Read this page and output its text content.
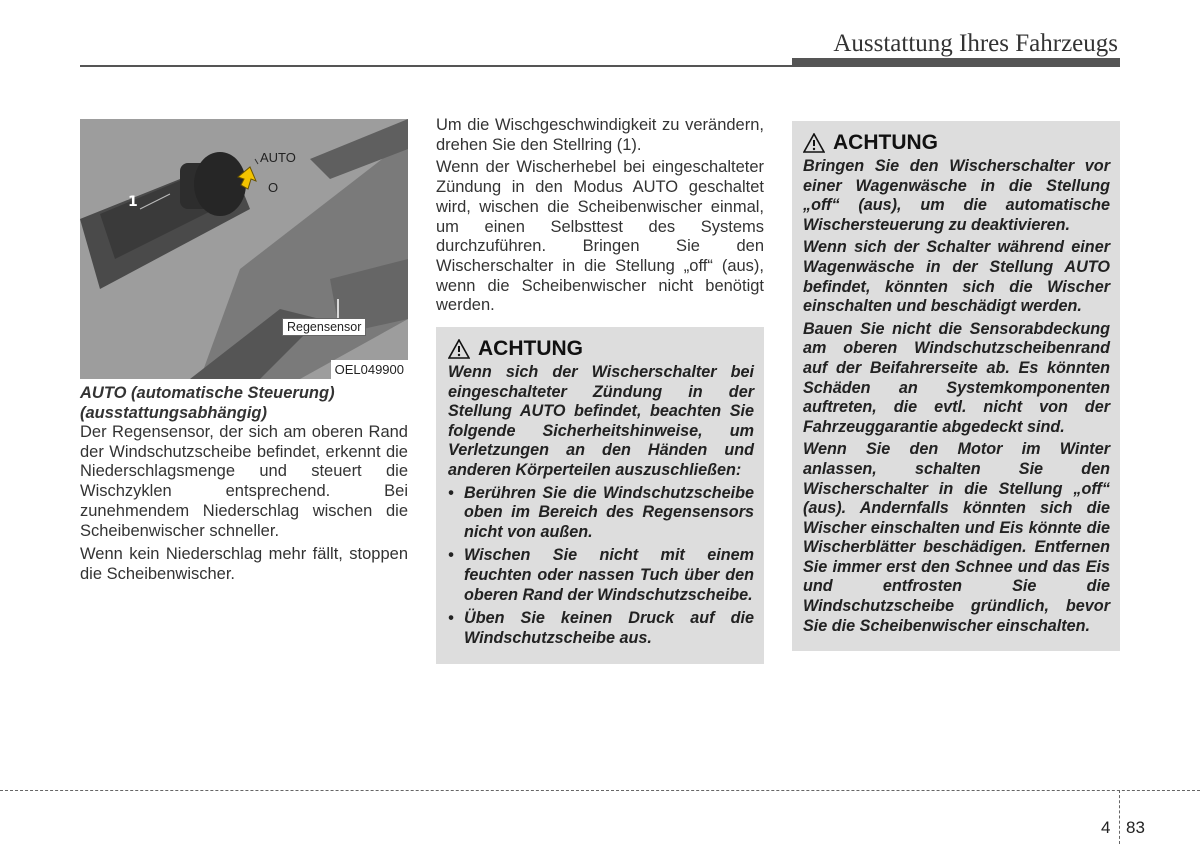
Ausstattung Ihres Fahrzeugs
1
AUTO
O
Regensensor
OEL049900
AUTO (automatische Steuerung)
(ausstattungsabhängig)

Der Regensensor, der sich am oberen Rand der Windschutzscheibe befindet, erkennt die Niederschlagsmenge und steuert die Wischzyklen entsprechend. Bei zunehmendem Niederschlag wischen die Scheibenwischer schneller.

Wenn kein Niederschlag mehr fällt, stoppen die Scheibenwischer.

Um die Wischgeschwindigkeit zu verändern, drehen Sie den Stellring (1).

Wenn der Wischerhebel bei eingeschalteter Zündung in den Modus AUTO geschaltet wird, wischen die Scheibenwischer einmal, um einen Selbsttest des Systems durchzuführen. Bringen Sie den Wischerschalter in die Stellung „off“ (aus), wenn die Scheibenwischer nicht benötigt werden.

ACHTUNG

Wenn sich der Wischerschalter bei eingeschalteter Zündung in der Stellung AUTO befindet, beachten Sie folgende Sicherheitshinweise, um Verletzungen an den Händen und anderen Körperteilen auszuschließen:

• Berühren Sie die Windschutzscheibe oben im Bereich des Regensensors nicht von außen.
• Wischen Sie nicht mit einem feuchten oder nassen Tuch über den oberen Rand der Windschutzscheibe.
• Üben Sie keinen Druck auf die Windschutzscheibe aus.
ACHTUNG

Bringen Sie den Wischerschalter vor einer Wagenwäsche in die Stellung „off“ (aus), um die automatische Wischersteuerung zu deaktivieren.

Wenn sich der Schalter während einer Wagenwäsche in der Stellung AUTO befindet, könnten sich die Wischer einschalten und beschädigt werden.

Bauen Sie nicht die Sensorabdeckung am oberen Windschutzscheibenrand auf der Beifahrerseite ab. Es könnten Schäden an Systemkomponenten auftreten, die evtl. nicht von der Fahrzeuggarantie abgedeckt sind.

Wenn Sie den Motor im Winter anlassen, schalten Sie den Wischerschalter in die Stellung „off“ (aus). Andernfalls könnten sich die Wischer einschalten und Eis könnte die Wischerblätter beschädigen. Entfernen Sie immer erst den Schnee und das Eis und entfrosten Sie die Windschutzscheibe gründlich, bevor Sie die Scheibenwischer einschalten.

4 83
